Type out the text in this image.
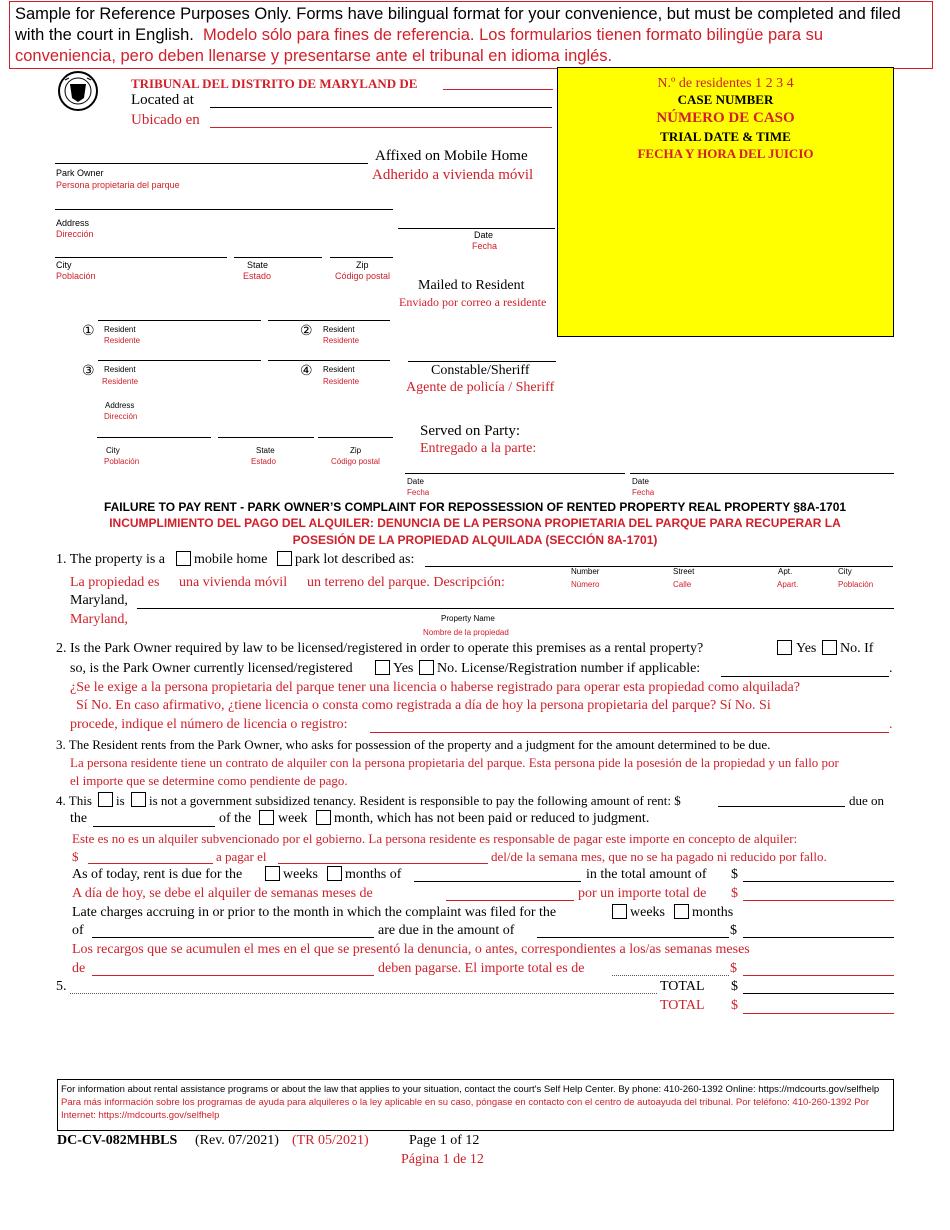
Sample for Reference Purposes Only. Forms have bilingual format for your convenience, but must be completed and filed with the court in English. Modelo sólo para fines de referencia. Los formularios tienen formato bilingüe para su conveniencia, pero deben llenarse y presentarse ante el tribunal en idioma inglés.
TRIBUNAL DEL DISTRITO DE MARYLAND DE
Located at
Ubicado en
N.º de residentes 1 2 3 4
CASE NUMBER
NÚMERO DE CASO
TRIAL DATE & TIME
FECHA Y HORA DEL JUICIO
Park Owner
Persona propietaria del parque
Affixed on Mobile Home
Adherido a vivienda móvil
Address
Dirección	Date
Fecha
City	State	Zip
Población	Estado	Código postal
Mailed to Resident
Enviado por correo a residente
① Resident
Residente
② Resident
Residente
③ Resident
Residente
④ Resident
Residente
Constable/Sheriff
Agente de policía / Sheriff
Address
Dirección
City	State	Zip
Población	Estado	Código postal
Served on Party:
Entregado a la parte:
Date
Fecha
Date
Fecha
FAILURE TO PAY RENT - PARK OWNER’S COMPLAINT FOR REPOSSESSION OF RENTED PROPERTY REAL PROPERTY §8A-1701
INCUMPLIMIENTO DEL PAGO DEL ALQUILER: DENUNCIA DE LA PERSONA PROPIETARIA DEL PARQUE PARA RECUPERAR LA
POSESIÓN DE LA PROPIEDAD ALQUILADA (SECCIÓN 8A-1701)
1. The property is a mobile home park lot described as:
Number	Street	Apt.	City
Número	Calle	Apart.	Población
La propiedad es una vivienda móvil un terreno del parque. Descripción:
Maryland,
Property Name
Maryland,
Nombre de la propiedad
2. Is the Park Owner required by law to be licensed/registered in order to operate this premises as a rental property?	Yes No. If
so, is the Park Owner currently licensed/registered	Yes No. License/Registration number if applicable:	.
¿Se le exige a la persona propietaria del parque tener una licencia o haberse registrado para operar esta propiedad como alquilada?
Sí No. En caso afirmativo, ¿tiene licencia o consta como registrada a día de hoy la persona propietaria del parque? Sí No. Si
procede, indique el número de licencia o registro:	.
3. The Resident rents from the Park Owner, who asks for possession of the property and a judgment for the amount determined to be due.
La persona residente tiene un contrato de alquiler con la persona propietaria del parque. Esta persona pide la posesión de la propiedad y un fallo por
el importe que se determine como pendiente de pago.
4. This is is not a government subsidized tenancy. Resident is responsible to pay the following amount of rent: $	due on
the	of the week month, which has not been paid or reduced to judgment.
Este es no es un alquiler subvencionado por el gobierno. La persona residente es responsable de pagar este importe en concepto de alquiler:
$	a pagar el	del/de la semana mes, que no se ha pagado ni reducido por fallo.
As of today, rent is due for the	weeks months of	in the total amount of $
A día de hoy, se debe el alquiler de semanas meses de	por un importe total de $
Late charges accruing in or prior to the month in which the complaint was filed for the	weeks months
of	are due in the amount of	$
Los recargos que se acumulen el mes en el que se presentó la denuncia, o antes, correspondientes a los/as semanas meses
de	deben pagarse. El importe total es de	$
5.	TOTAL $
TOTAL $
For information about rental assistance programs or about the law that applies to your situation, contact the court's Self Help Center. By phone: 410-260-1392 Online: https://mdcourts.gov/selfhelp
Para más información sobre los programas de ayuda para alquileres o la ley aplicable en su caso, póngase en contacto con el centro de autoayuda del tribunal. Por teléfono: 410-260-1392 Por Internet: https://mdcourts.gov/selfhelp
DC-CV-082MHBLS (Rev. 07/2021) (TR 05/2021)	Page 1 of 12
Página 1 de 12
